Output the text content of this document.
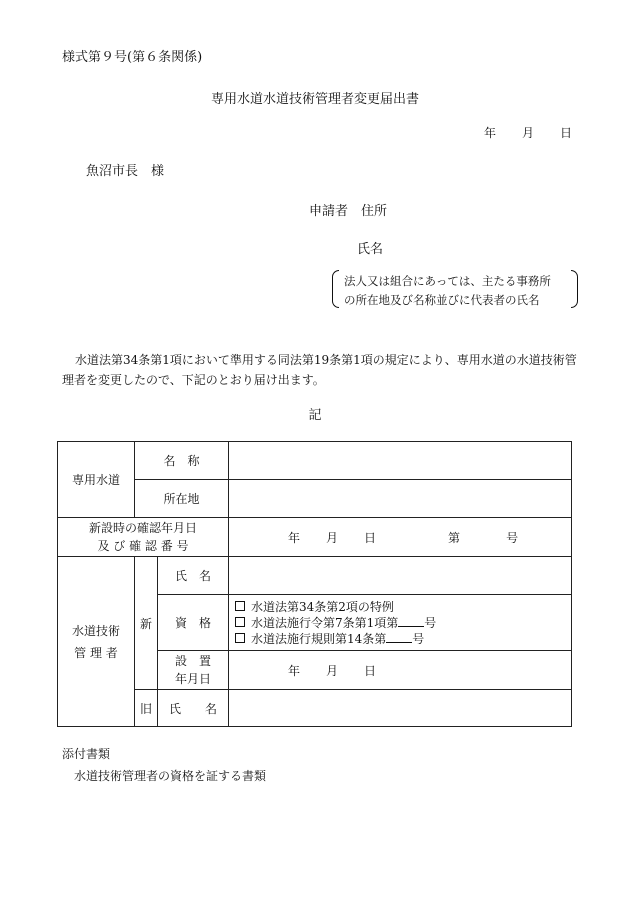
様式第９号(第６条関係)
専用水道水道技術管理者変更届出書
年 月 日
魚沼市長　様
申請者　住所
氏名
法人又は組合にあっては、主たる事務所
の所在地及び名称並びに代表者の氏名
水道法第34条第1項において準用する同法第19条第1項の規定により、専用水道の水道技術管理者を変更したので、下記のとおり届け出ます。
記
専用水道	名　称		
	所在地		

新設時の確認年月日
及 び 確 認 番 号			年 月 日 第 号

水道技術
管 理 者	新	氏　名	
		資　格	水道法第34条第2項の特例
水道法施行令第7条第1項第 号
水道法施行規則第14条第 号

		設　置
年月日	年 月 日
	旧	氏　　名	
添付書類
水道技術管理者の資格を証する書類
